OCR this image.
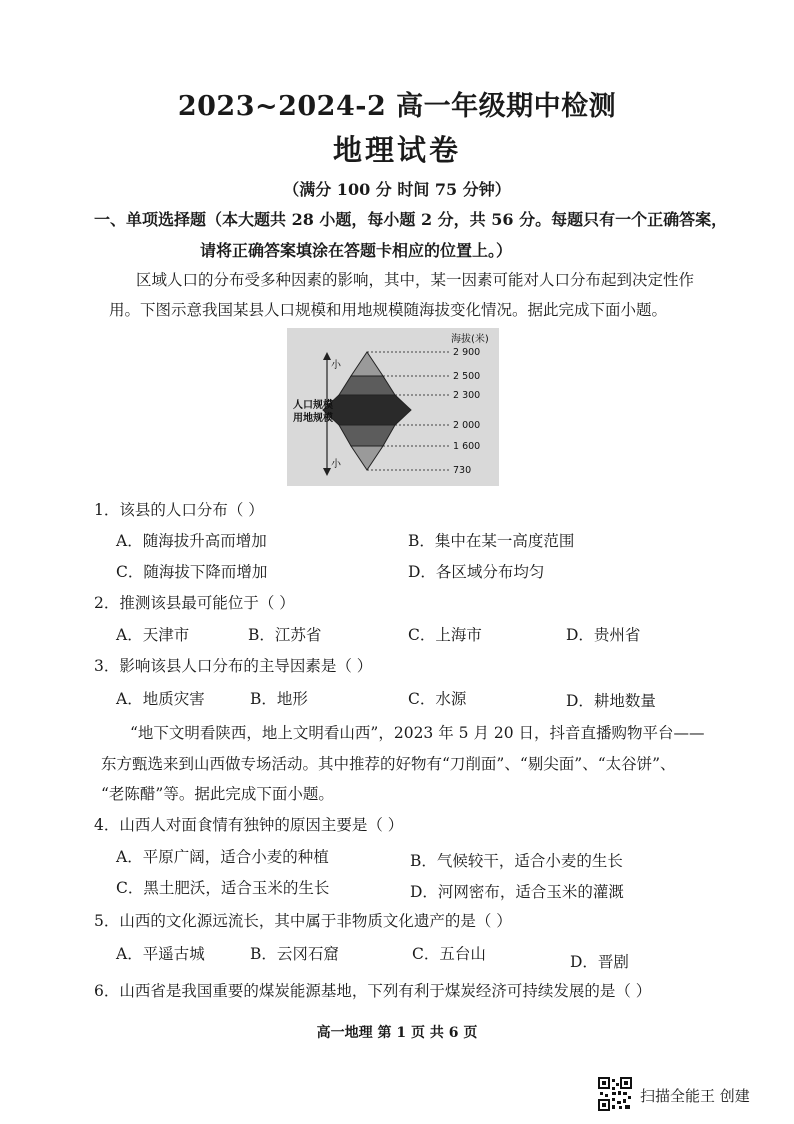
2023~2024-2 高一年级期中检测
地理试卷
（满分 100 分 时间 75 分钟）
一、单项选择题（本大题共 28 小题，每小题 2 分，共 56 分。每题只有一个正确答案，
请将正确答案填涂在答题卡相应的位置上。）
区域人口的分布受多种因素的影响，其中，某一因素可能对人口分布起到决定性作
用。下图示意我国某县人口规模和用地规模随海拔变化情况。据此完成下面小题。
海拔(米)
小
小
人口规模
用地规模
2 900
2 500
2 300
2 000
1 600
730
1．该县的人口分布（ ）
A．随海拔升高而增加	B．集中在某一高度范围
C．随海拔下降而增加	D．各区域分布均匀
2．推测该县最可能位于（ ）
A．天津市	B．江苏省	C．上海市	D．贵州省
3．影响该县人口分布的主导因素是（ ）
A．地质灾害	B．地形	C．水源	D．耕地数量
“地下文明看陕西，地上文明看山西”，2023 年 5 月 20 日，抖音直播购物平台——
东方甄选来到山西做专场活动。其中推荐的好物有“刀削面”、“剔尖面”、“太谷饼”、
“老陈醋”等。据此完成下面小题。
4．山西人对面食情有独钟的原因主要是（ ）
A．平原广阔，适合小麦的种植	B．气候较干，适合小麦的生长
C．黑土肥沃，适合玉米的生长	D．河网密布，适合玉米的灌溉
5．山西的文化源远流长，其中属于非物质文化遗产的是（ ）
A．平遥古城	B．云冈石窟	C．五台山	D．晋剧
6．山西省是我国重要的煤炭能源基地，下列有利于煤炭经济可持续发展的是（ ）
高一地理 第 1 页 共 6 页
扫描全能王 创建
